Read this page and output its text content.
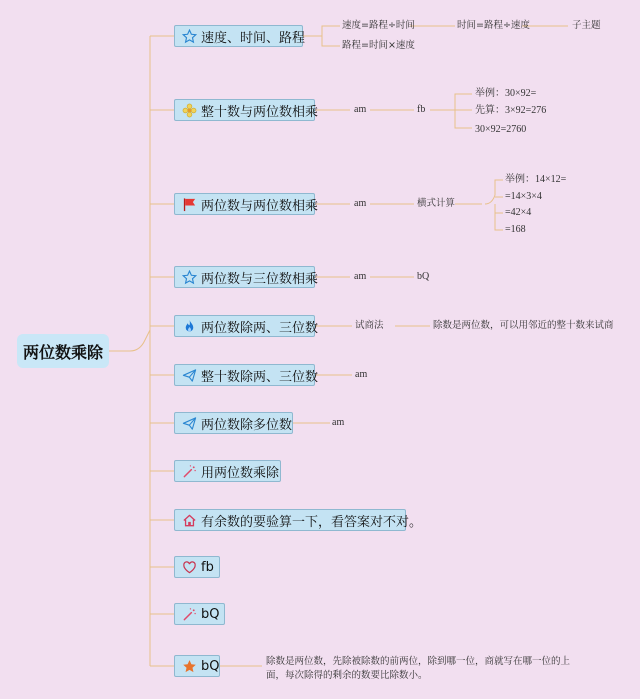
两位数乘除
速度、时间、路程
速度=路程÷时间
路程=时间×速度
时间=路程÷速度	子主题
整十数与两位数相乘	am	fb
举例：30×92=
先算：3×92=276
30×92=2760
两位数与两位数相乘	am	横式计算
举例：14×12=
=14×3×4
=42×4
=168
两位数与三位数相乘	am	bQ
两位数除两、三位数	试商法	除数是两位数，可以用邻近的整十数来试商
整十数除两、三位数	am
两位数除多位数	am
用两位数乘除
有余数的要验算一下，看答案对不对。
fb
bQ
bQ	除数是两位数，先除被除数的前两位，除到哪一位，商就写在哪一位的上面，每次除得的剩余的数要比除数小。
